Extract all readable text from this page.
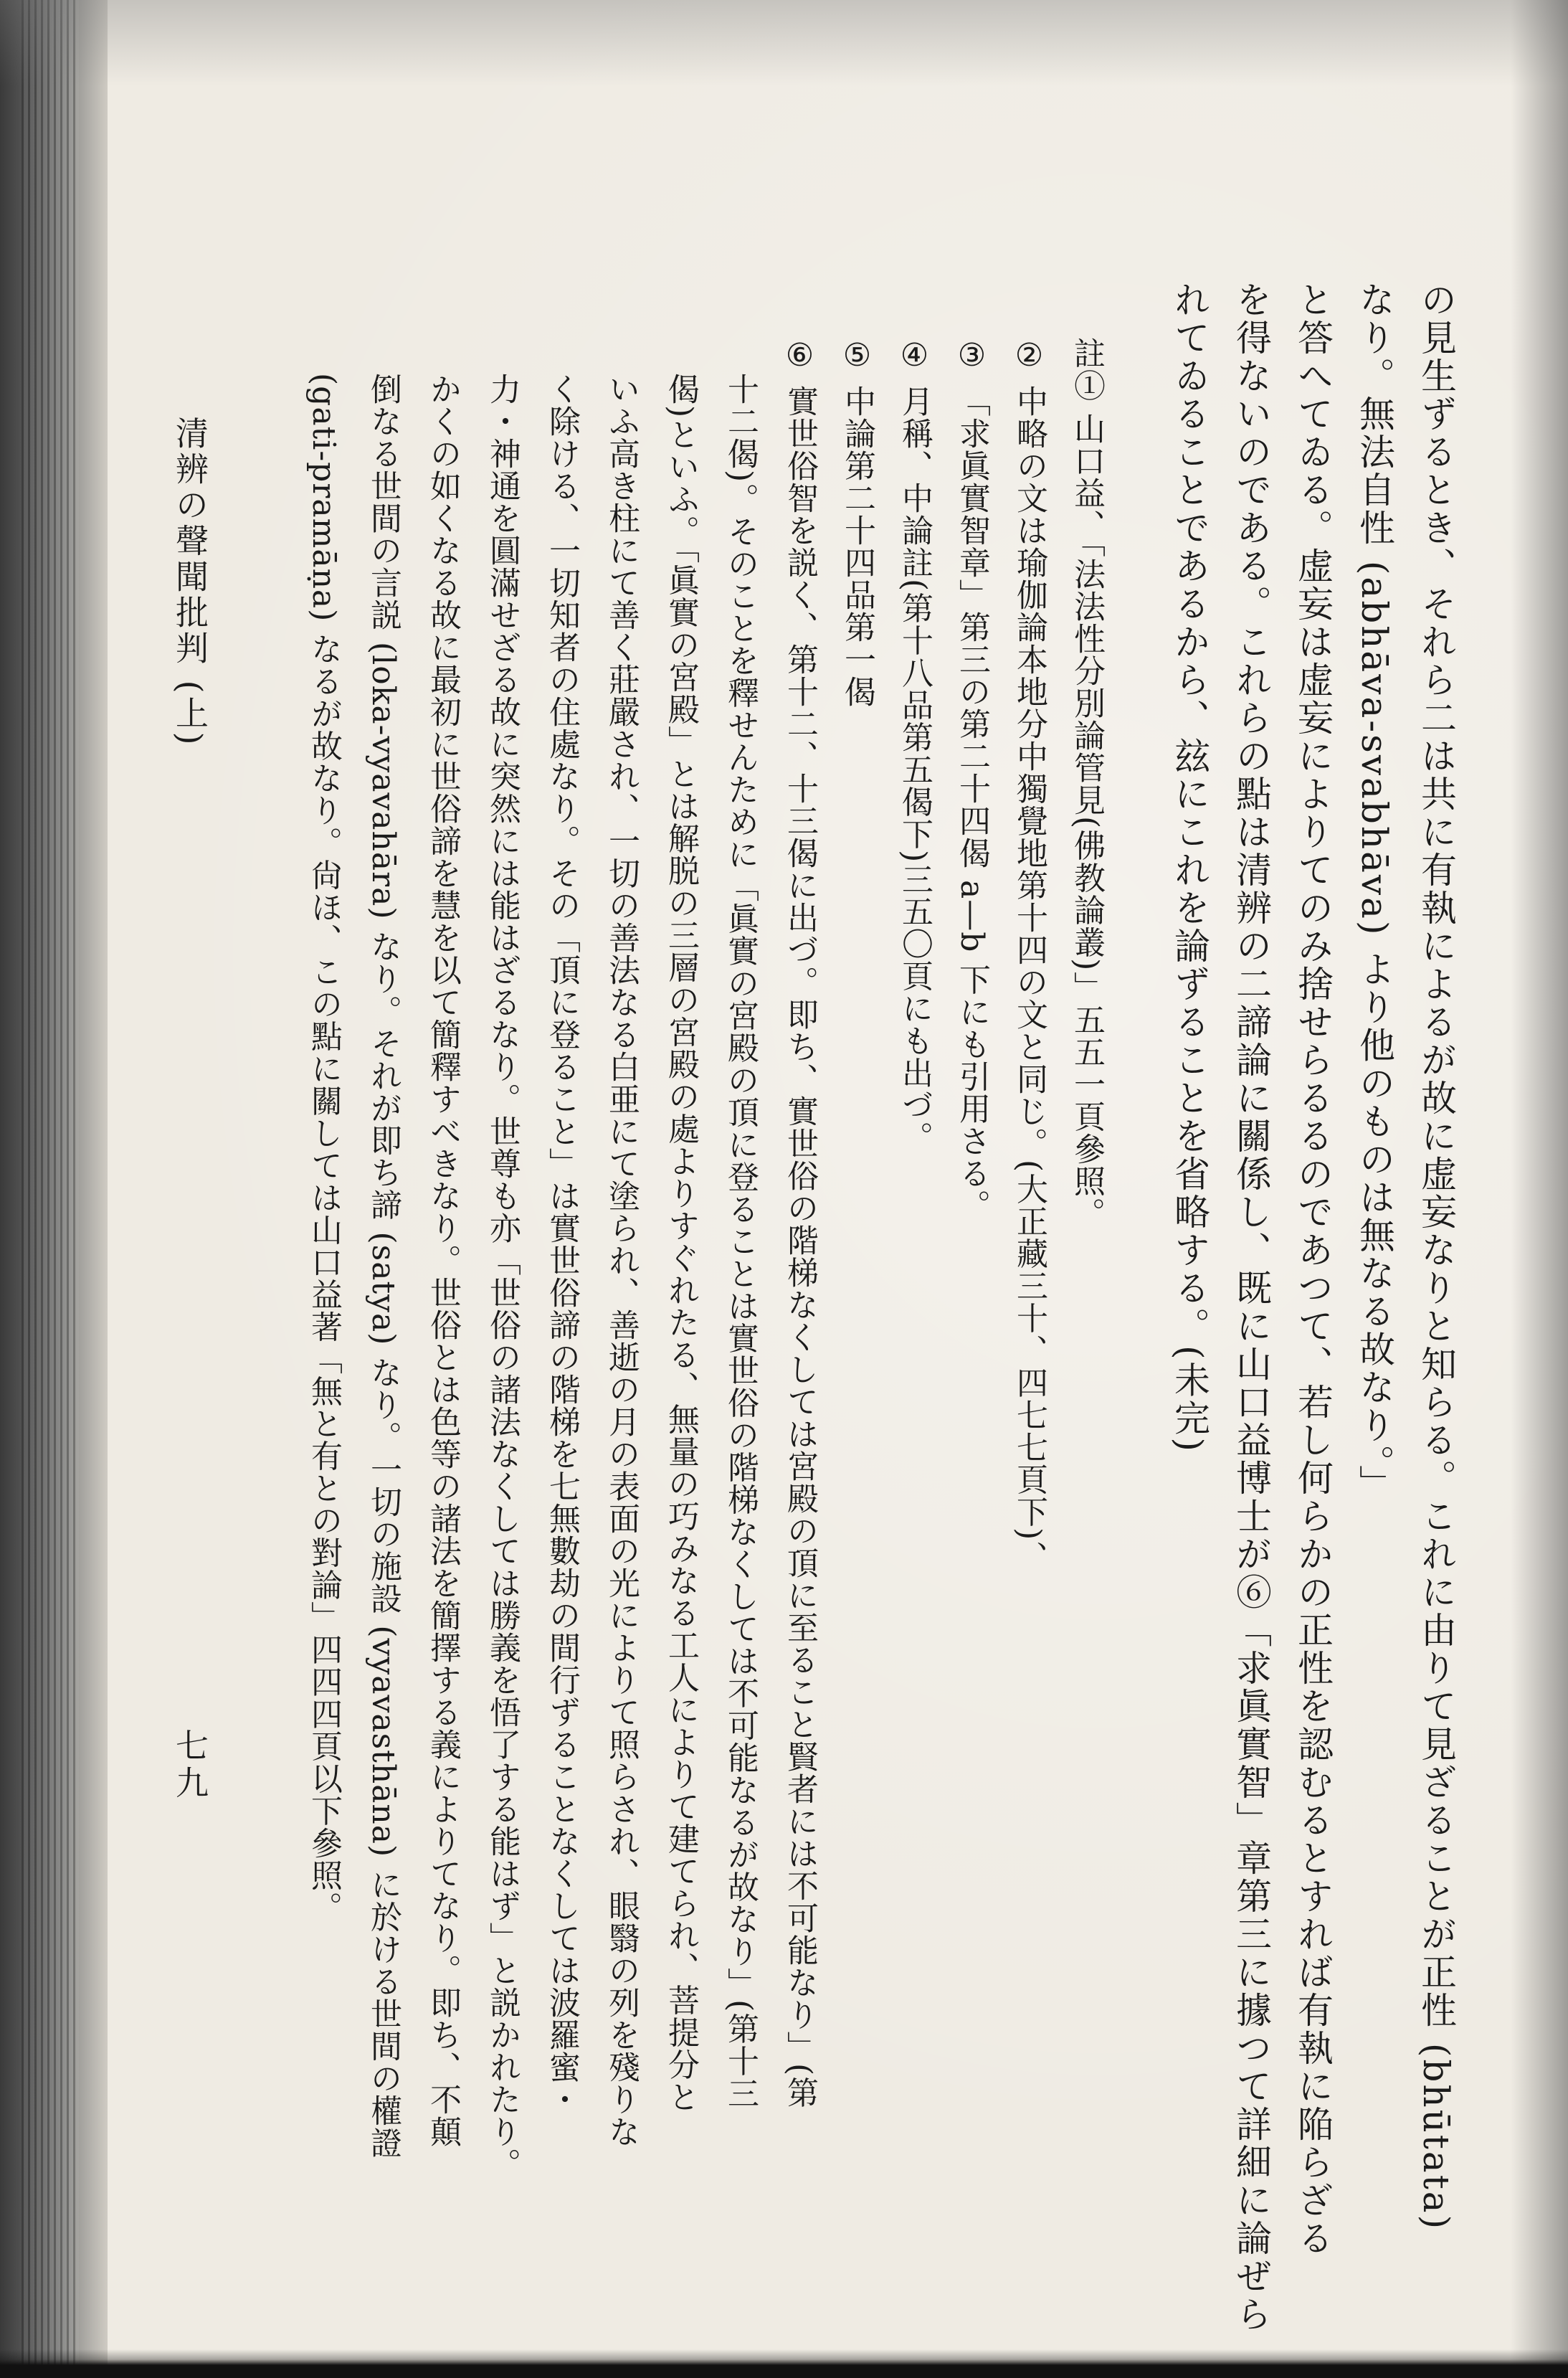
の見生ずるとき、それら二は共に有執によるが故に虚妄なりと知らる。これに由りて見ざることが正性 (bhūtata)
なり。無法自性 (abhāva-svabhāva) より他のものは無なる故なり。」
と答へてゐる。虚妄は虚妄によりてのみ捨せらるるのであつて、若し何らかの正性を認むるとすれば有執に陥らざる
を得ないのである。これらの點は清辨の二諦論に關係し、既に山口益博士が⑥「求眞實智」章第三に據つて詳細に論ぜら
れてゐることであるから、玆にこれを論ずることを省略する。(未完)
註① 山口益、「法法性分別論管見(佛教論叢)」五五一頁參照。
② 中略の文は瑜伽論本地分中獨覺地第十四の文と同じ。(大正藏三十、四七七頁下)、
③ 「求眞實智章」第三の第二十四偈 a—b 下にも引用さる。
④ 月稱、中論註(第十八品第五偈下)三五〇頁にも出づ。
⑤ 中論第二十四品第一偈
⑥ 實世俗智を説く、第十二、十三偈に出づ。即ち、實世俗の階梯なくしては宮殿の頂に至ること賢者には不可能なり」(第
十二偈)。そのことを釋せんために「眞實の宮殿の頂に登ることは實世俗の階梯なくしては不可能なるが故なり」(第十三
偈)といふ。「眞實の宮殿」とは解脱の三層の宮殿の處よりすぐれたる、無量の巧みなる工人によりて建てられ、菩提分と
いふ高き柱にて善く莊嚴され、一切の善法なる白亜にて塗られ、善逝の月の表面の光によりて照らされ、眼翳の列を殘りな
く除ける、一切知者の住處なり。その「頂に登ること」は實世俗諦の階梯を七無數劫の間行ずることなくしては波羅蜜・
力・神通を圓滿せざる故に突然には能はざるなり。世尊も亦「世俗の諸法なくしては勝義を悟了する能はず」と説かれたり。
かくの如くなる故に最初に世俗諦を慧を以て簡釋すべきなり。世俗とは色等の諸法を簡擇する義によりてなり。即ち、不顛
倒なる世間の言説 (loka-vyavahāra) なり。それが即ち諦 (satya) なり。一切の施設 (vyavasthāna) に於ける世間の權證
(gati-pramāṇa) なるが故なり。尙ほ、この點に關しては山口益著「無と有との對論」四四四頁以下參照。
清辨の聲聞批判 (上)
七九
